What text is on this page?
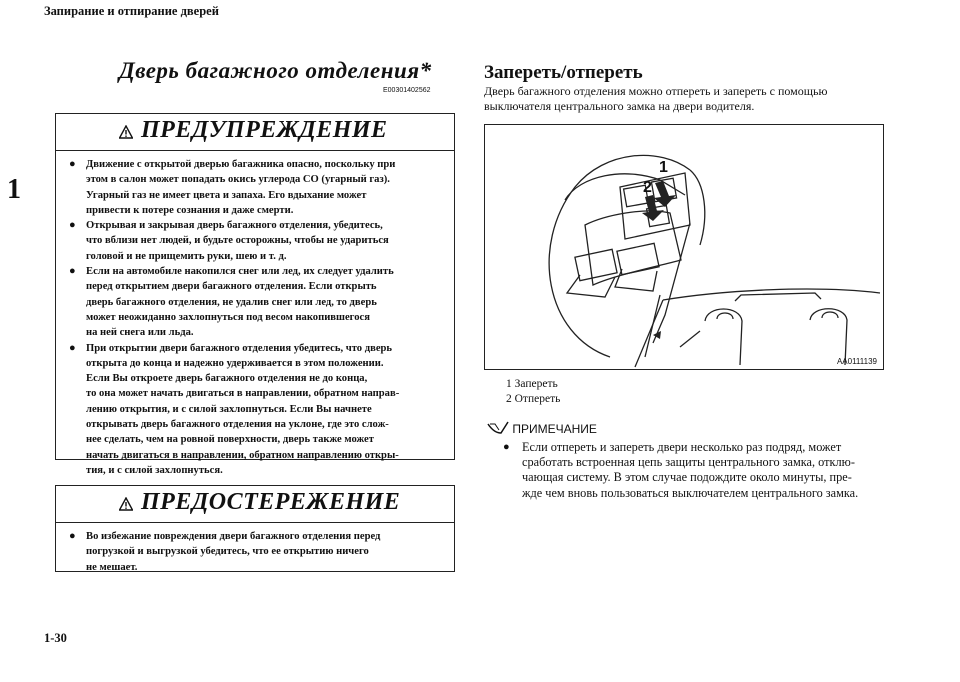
Запирание и отпирание дверей
1
1-30
Дверь багажного отделения*
E00301402562
ПРЕДУПРЕЖДЕНИЕ
● Движение с открытой дверью багажника опасно, поскольку при
этом в салон может попадать окись углерода СО (угарный газ).
Угарный газ не имеет цвета и запаха. Его вдыхание может
привести к потере сознания и даже смерти.
● Открывая и закрывая дверь багажного отделения, убедитесь,
что вблизи нет людей, и будьте осторожны, чтобы не удариться
головой и не прищемить руки, шею и т. д.
● Если на автомобиле накопился снег или лед, их следует удалить
перед открытием двери багажного отделения. Если открыть
дверь багажного отделения, не удалив снег или лед, то дверь
может неожиданно захлопнуться под весом накопившегося
на ней снега или льда.
● При открытии двери багажного отделения убедитесь, что дверь
открыта до конца и надежно удерживается в этом положении.
Если Вы откроете дверь багажного отделения не до конца,
то она может начать двигаться в направлении, обратном направ-
лению открытия, и с силой захлопнуться. Если Вы начнете
открывать дверь багажного отделения на уклоне, где это слож-
нее сделать, чем на ровной поверхности, дверь также может
начать двигаться в направлении, обратном направлению откры-
тия, и с силой захлопнуться.
ПРЕДОСТЕРЕЖЕНИЕ
● Во избежание повреждения двери багажного отделения перед
погрузкой и выгрузкой убедитесь, что ее открытию ничего
не мешает.
Запереть/отпереть
Дверь багажного отделения можно отпереть и запереть с помощью выключателя центрального замка на двери водителя.
1
2
AA0111139
1 Запереть
2 Отпереть
ПРИМЕЧАНИЕ
● Если отпереть и запереть двери несколько раз подряд, может
сработать встроенная цепь защиты центрального замка, отклю-
чающая систему. В этом случае подождите около минуты, пре-
жде чем вновь пользоваться выключателем центрального замка.
